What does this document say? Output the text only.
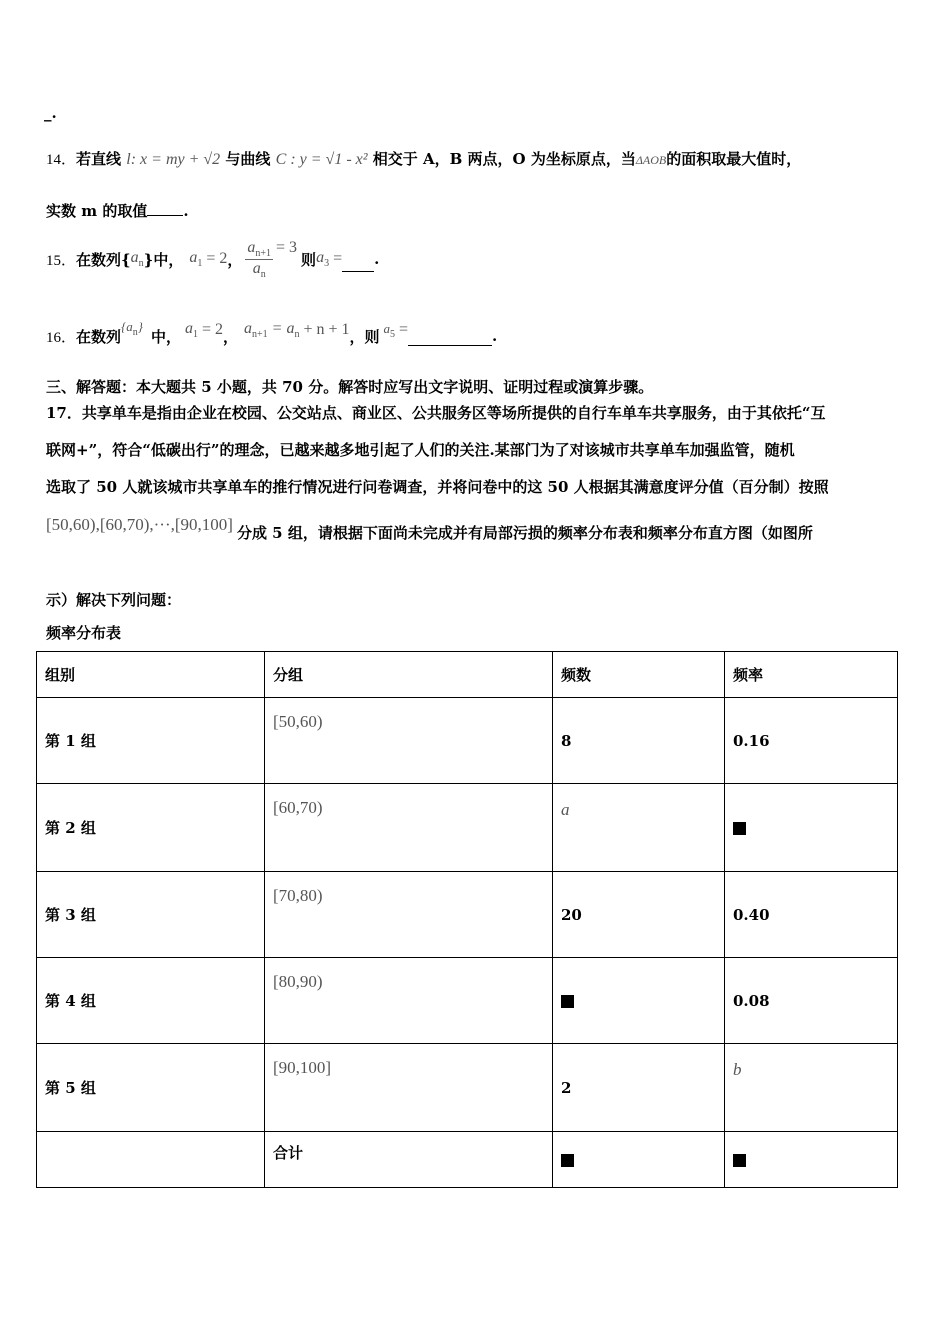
_.
14．若直线 l: x = my + √2 与曲线 C : y = √1 - x² 相交于 A，B 两点，O 为坐标原点，当ΔAOB的面积取最大值时，
实数 m 的取值 .
15． 在数列{ $a_n$ }中， $a_1 = 2$ ， $\frac{a_{n+1}}{a_n} = 3$
则 $a_3$ = .
16． 在数列
$\{a_n\}$
中， $a_1 = 2$ ， $a_{n+1} = a_n + n + 1$ ，则 $a_5$ =	.
三、解答题：本大题共 5 小题，共 70 分。解答时应写出文字说明、证明过程或演算步骤。
17．共享单车是指由企业在校园、公交站点、商业区、公共服务区等场所提供的自行车单车共享服务，由于其依托“互
联网+”，符合“低碳出行”的理念，已越来越多地引起了人们的关注.某部门为了对该城市共享单车加强监管，随机
选取了 50 人就该城市共享单车的推行情况进行问卷调查，并将问卷中的这 50 人根据其满意度评分值（百分制）按照
[50,60),[60,70),···,[90,100] 分成 5 组，请根据下面尚未完成并有局部污损的频率分布表和频率分布直方图（如图所
示）解决下列问题：
频率分布表
组别	分组	频数	频率
第 1 组	[50,60)	8	0.16
第 2 组	[60,70)	a	
第 3 组	[70,80)	20	0.40
第 4 组	[80,90)		0.08
第 5 组	[90,100]	2	b
	合计		
